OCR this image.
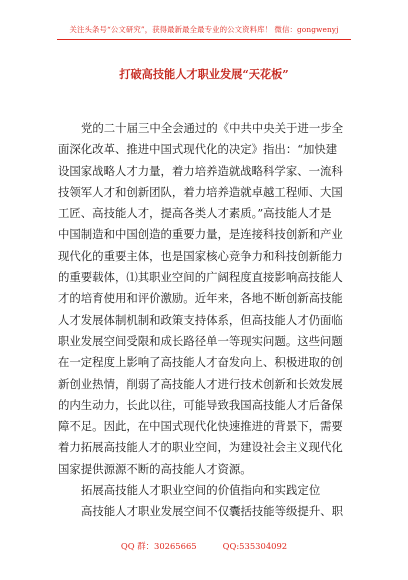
关注头条号“公文研究”，获得最新最全最专业的公文资料库！ 微信：gongwenyj
打破高技能人才职业发展“天花板”
党的二十届三中全会通过的《中共中央关于进一步全
面深化改革、推进中国式现代化的决定》指出：“加快建
设国家战略人才力量，着力培养造就战略科学家、一流科
技领军人才和创新团队，着力培养造就卓越工程师、大国
工匠、高技能人才，提高各类人才素质。”高技能人才是
中国制造和中国创造的重要力量，是连接科技创新和产业
现代化的重要主体，也是国家核心竞争力和科技创新能力
的重要载体，⑴其职业空间的广阔程度直接影响高技能人
才的培育使用和评价激励。近年来，各地不断创新高技能
人才发展体制机制和政策支持体系，但高技能人才仍面临
职业发展空间受限和成长路径单一等现实问题。这些问题
在一定程度上影响了高技能人才奋发向上、积极进取的创
新创业热情，削弱了高技能人才进行技术创新和长效发展
的内生动力，长此以往，可能导致我国高技能人才后备保
障不足。因此，在中国式现代化快速推进的背景下，需要
着力拓展高技能人才的职业空间，为建设社会主义现代化
国家提供源源不断的高技能人才资源。
拓展高技能人才职业空间的价值指向和实践定位
高技能人才职业发展空间不仅囊括技能等级提升、职
QQ 群：30265665	QQ:535304092
